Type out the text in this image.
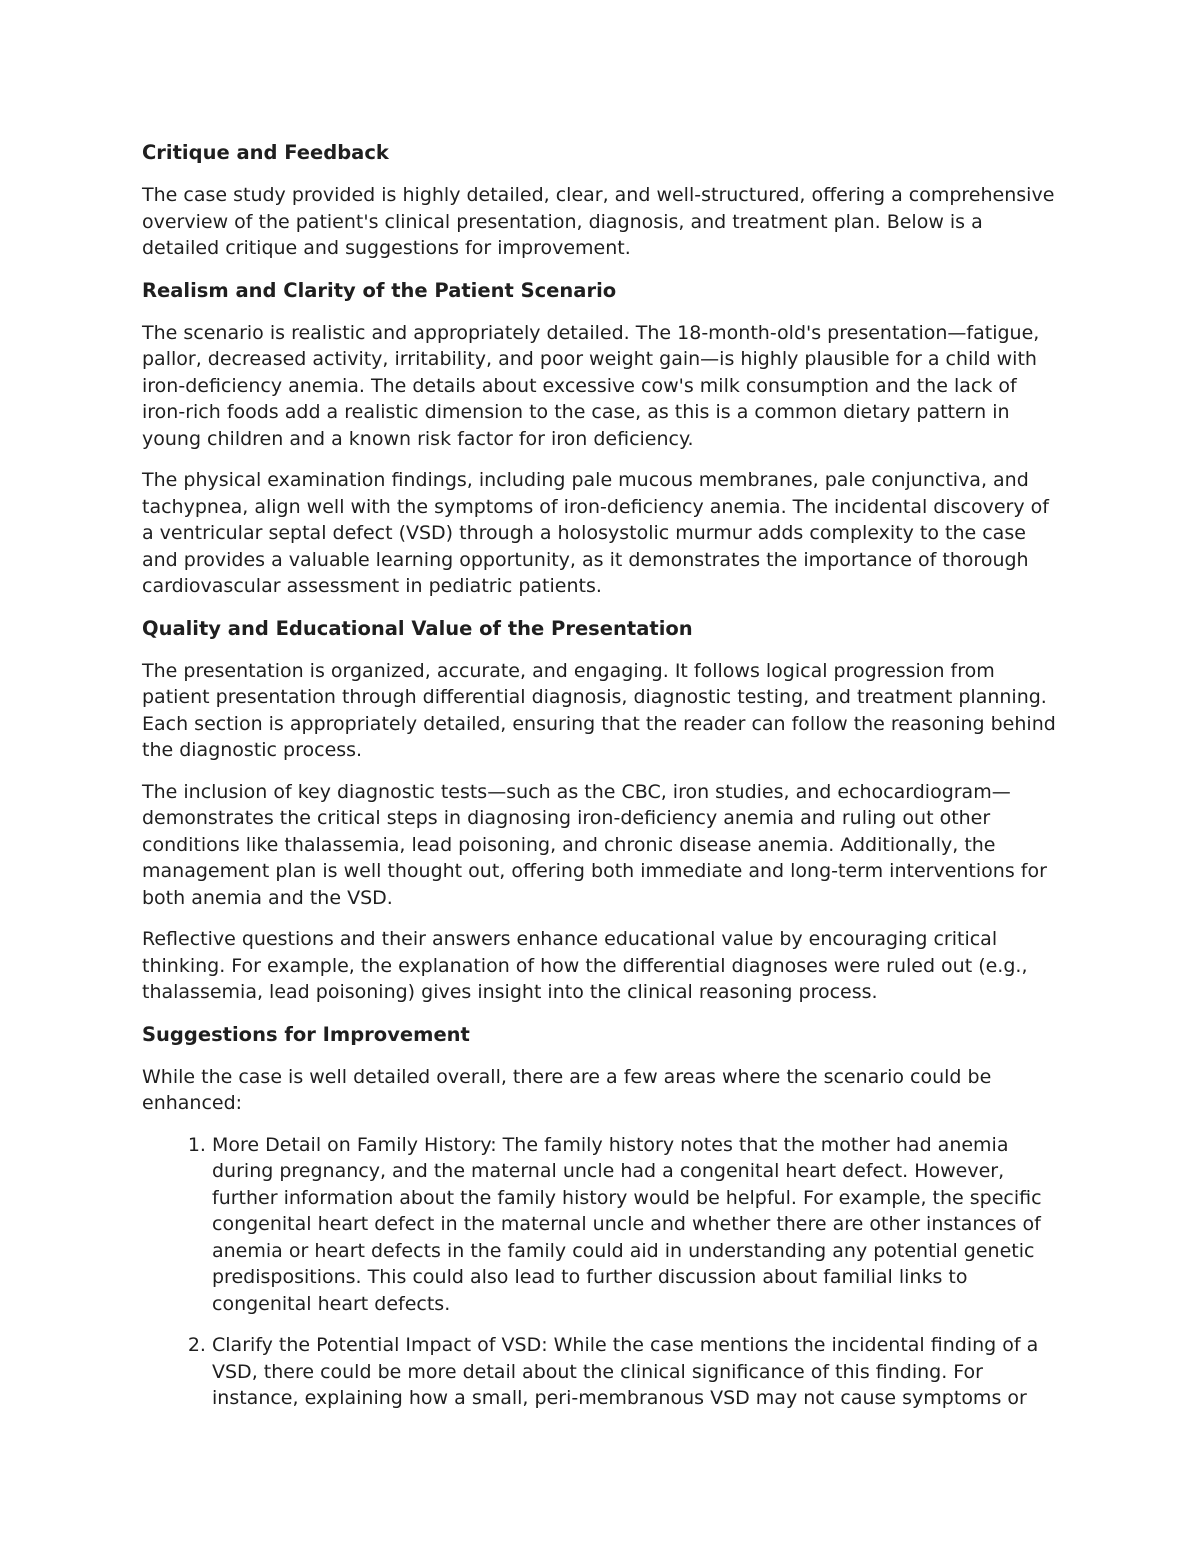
Critique and Feedback

The case study provided is highly detailed, clear, and well-structured, offering a comprehensive overview of the patient's clinical presentation, diagnosis, and treatment plan. Below is a detailed critique and suggestions for improvement.

Realism and Clarity of the Patient Scenario

The scenario is realistic and appropriately detailed. The 18-month-old's presentation—fatigue, pallor, decreased activity, irritability, and poor weight gain—is highly plausible for a child with iron-deficiency anemia. The details about excessive cow's milk consumption and the lack of iron-rich foods add a realistic dimension to the case, as this is a common dietary pattern in young children and a known risk factor for iron deficiency.

The physical examination findings, including pale mucous membranes, pale conjunctiva, and tachypnea, align well with the symptoms of iron-deficiency anemia. The incidental discovery of a ventricular septal defect (VSD) through a holosystolic murmur adds complexity to the case and provides a valuable learning opportunity, as it demonstrates the importance of thorough cardiovascular assessment in pediatric patients.

Quality and Educational Value of the Presentation

The presentation is organized, accurate, and engaging. It follows logical progression from patient presentation through differential diagnosis, diagnostic testing, and treatment planning. Each section is appropriately detailed, ensuring that the reader can follow the reasoning behind the diagnostic process.

The inclusion of key diagnostic tests—such as the CBC, iron studies, and echocardiogram—demonstrates the critical steps in diagnosing iron-deficiency anemia and ruling out other conditions like thalassemia, lead poisoning, and chronic disease anemia. Additionally, the management plan is well thought out, offering both immediate and long-term interventions for both anemia and the VSD.

Reflective questions and their answers enhance educational value by encouraging critical thinking. For example, the explanation of how the differential diagnoses were ruled out (e.g., thalassemia, lead poisoning) gives insight into the clinical reasoning process.

Suggestions for Improvement

While the case is well detailed overall, there are a few areas where the scenario could be enhanced:

1. More Detail on Family History: The family history notes that the mother had anemia during pregnancy, and the maternal uncle had a congenital heart defect. However, further information about the family history would be helpful. For example, the specific congenital heart defect in the maternal uncle and whether there are other instances of anemia or heart defects in the family could aid in understanding any potential genetic predispositions. This could also lead to further discussion about familial links to congenital heart defects.
2. Clarify the Potential Impact of VSD: While the case mentions the incidental finding of a VSD, there could be more detail about the clinical significance of this finding. For instance, explaining how a small, peri-membranous VSD may not cause symptoms or
